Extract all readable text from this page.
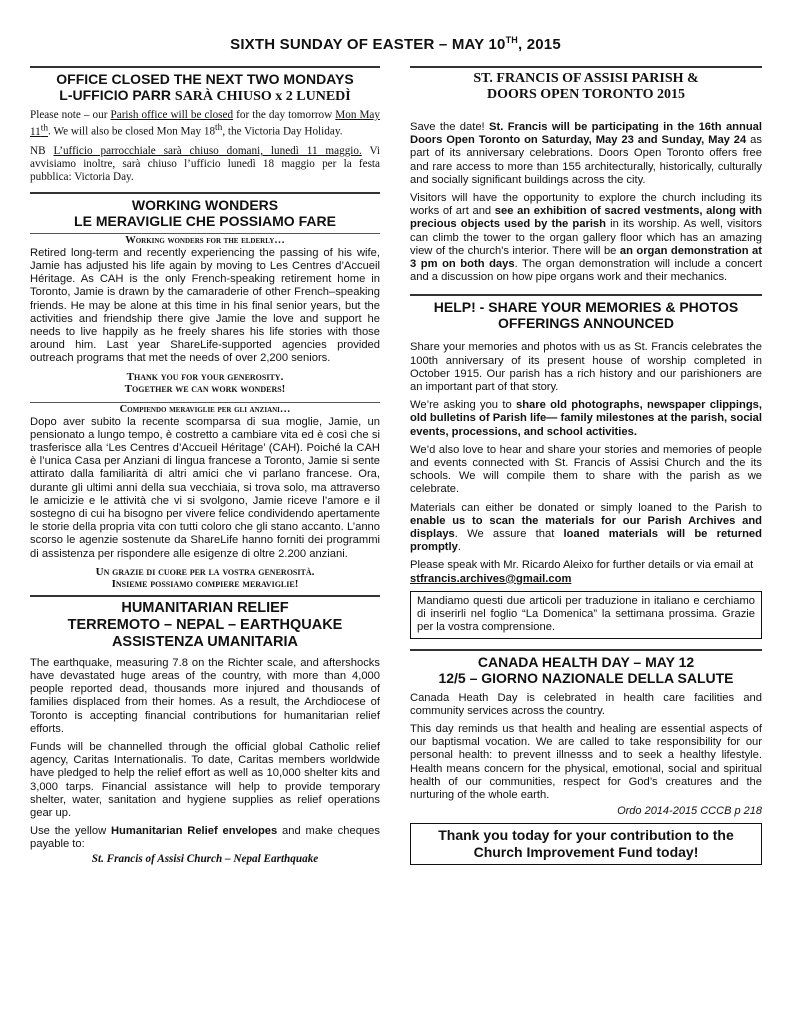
SIXTH SUNDAY OF EASTER – MAY 10TH, 2015
OFFICE CLOSED THE NEXT TWO MONDAYS
L-UFFICIO PARR SARÀ CHIUSO x 2 LUNEDÌ

Please note – our Parish office will be closed for the day tomorrow Mon May 11th. We will also be closed Mon May 18th, the Victoria Day Holiday.

NB L’ufficio parrocchiale sarà chiuso domani, lunedì 11 maggio. Vi avvisiamo inoltre, sarà chiuso l’ufficio lunedì 18 maggio per la festa pubblica: Victoria Day.

WORKING WONDERS
LE MERAVIGLIE CHE POSSIAMO FARE
Working wonders for the elderly…

Retired long-term and recently experiencing the passing of his wife, Jamie has adjusted his life again by moving to Les Centres d’Accueil Héritage. As CAH is the only French-speaking retirement home in Toronto, Jamie is drawn by the camaraderie of other French–speaking friends. He may be alone at this time in his final senior years, but the activities and friendship there give Jamie the love and support he needs to live happily as he freely shares his life stories with those around him. Last year ShareLife-supported agencies provided outreach programs that met the needs of over 2,200 seniors.

Thank you for your generosity.

Together we can work wonders!

Compiendo meraviglie per gli anziani…

Dopo aver subito la recente scomparsa di sua moglie, Jamie, un pensionato a lungo tempo, è costretto a cambiare vita ed è così che si trasferisce alla ‘Les Centres d’Accueil Héritage’ (CAH). Poiché la CAH è l’unica Casa per Anziani di lingua francese a Toronto, Jamie si sente attirato dalla familiarità di altri amici che vi parlano francese. Ora, durante gli ultimi anni della sua vecchiaia, si trova solo, ma attraverso le amicizie e le attività che vi si svolgono, Jamie riceve l’amore e il sostegno di cui ha bisogno per vivere felice condividendo apertamente le storie della propria vita con tutti coloro che gli stano accanto. L’anno scorso le agenzie sostenute da ShareLife hanno forniti dei programmi di assistenza per rispondere alle esigenze di oltre 2.200 anziani.

Un grazie di cuore per la vostra generosità.

Insieme possiamo compiere meraviglie!

HUMANITARIAN RELIEF
TERREMOTO – NEPAL – EARTHQUAKE
ASSISTENZA UMANITARIA

The earthquake, measuring 7.8 on the Richter scale, and aftershocks have devastated huge areas of the country, with more than 4,000 people reported dead, thousands more injured and thousands of families displaced from their homes. As a result, the Archdiocese of Toronto is accepting financial contributions for humanitarian relief efforts.

Funds will be channelled through the official global Catholic relief agency, Caritas Internationalis. To date, Caritas members worldwide have pledged to help the relief effort as well as 10,000 shelter kits and 3,000 tarps. Financial assistance will help to provide temporary shelter, water, sanitation and hygiene supplies as relief operations gear up.

Use the yellow Humanitarian Relief envelopes and make cheques payable to:

St. Francis of Assisi Church – Nepal Earthquake

ST. FRANCIS OF ASSISI PARISH &
DOORS OPEN TORONTO 2015

Save the date! St. Francis will be participating in the 16th annual Doors Open Toronto on Saturday, May 23 and Sunday, May 24 as part of its anniversary celebrations. Doors Open Toronto offers free and rare access to more than 155 architecturally, historically, culturally and socially significant buildings across the city.

Visitors will have the opportunity to explore the church including its works of art and see an exhibition of sacred vestments, along with precious objects used by the parish in its worship. As well, visitors can climb the tower to the organ gallery floor which has an amazing view of the church's interior. There will be an organ demonstration at 3 pm on both days. The organ demonstration will include a concert and a discussion on how pipe organs work and their mechanics.

HELP! - SHARE YOUR MEMORIES & PHOTOS
OFFERINGS ANNOUNCED

Share your memories and photos with us as St. Francis celebrates the 100th anniversary of its present house of worship completed in October 1915. Our parish has a rich history and our parishioners are an important part of that story.

We’re asking you to share old photographs, newspaper clippings, old bulletins of Parish life— family milestones at the parish, social events, processions, and school activities.

We’d also love to hear and share your stories and memories of people and events connected with St. Francis of Assisi Church and the its schools. We will compile them to share with the parish as we celebrate.

Materials can either be donated or simply loaned to the Parish to enable us to scan the materials for our Parish Archives and displays. We assure that loaned materials will be returned promptly.

Please speak with Mr. Ricardo Aleixo for further details or via email at stfrancis.archives@gmail.com

Mandiamo questi due articoli per traduzione in italiano e cerchiamo di inserirli nel foglio “La Domenica” la settimana prossima. Grazie per la vostra comprensione.
CANADA HEALTH DAY – MAY 12
12/5 – GIORNO NAZIONALE DELLA SALUTE

Canada Heath Day is celebrated in health care facilities and community services across the country.

This day reminds us that health and healing are essential aspects of our baptismal vocation. We are called to take responsibility for our personal health: to prevent illnesss and to seek a healthy lifestyle. Health means concern for the physical, emotional, social and spiritual health of our communities, respect for God’s creatures and the nurturing of the whole earth.

Ordo 2014-2015 CCCB p 218

Thank you today for your contribution to the
Church Improvement Fund today!
